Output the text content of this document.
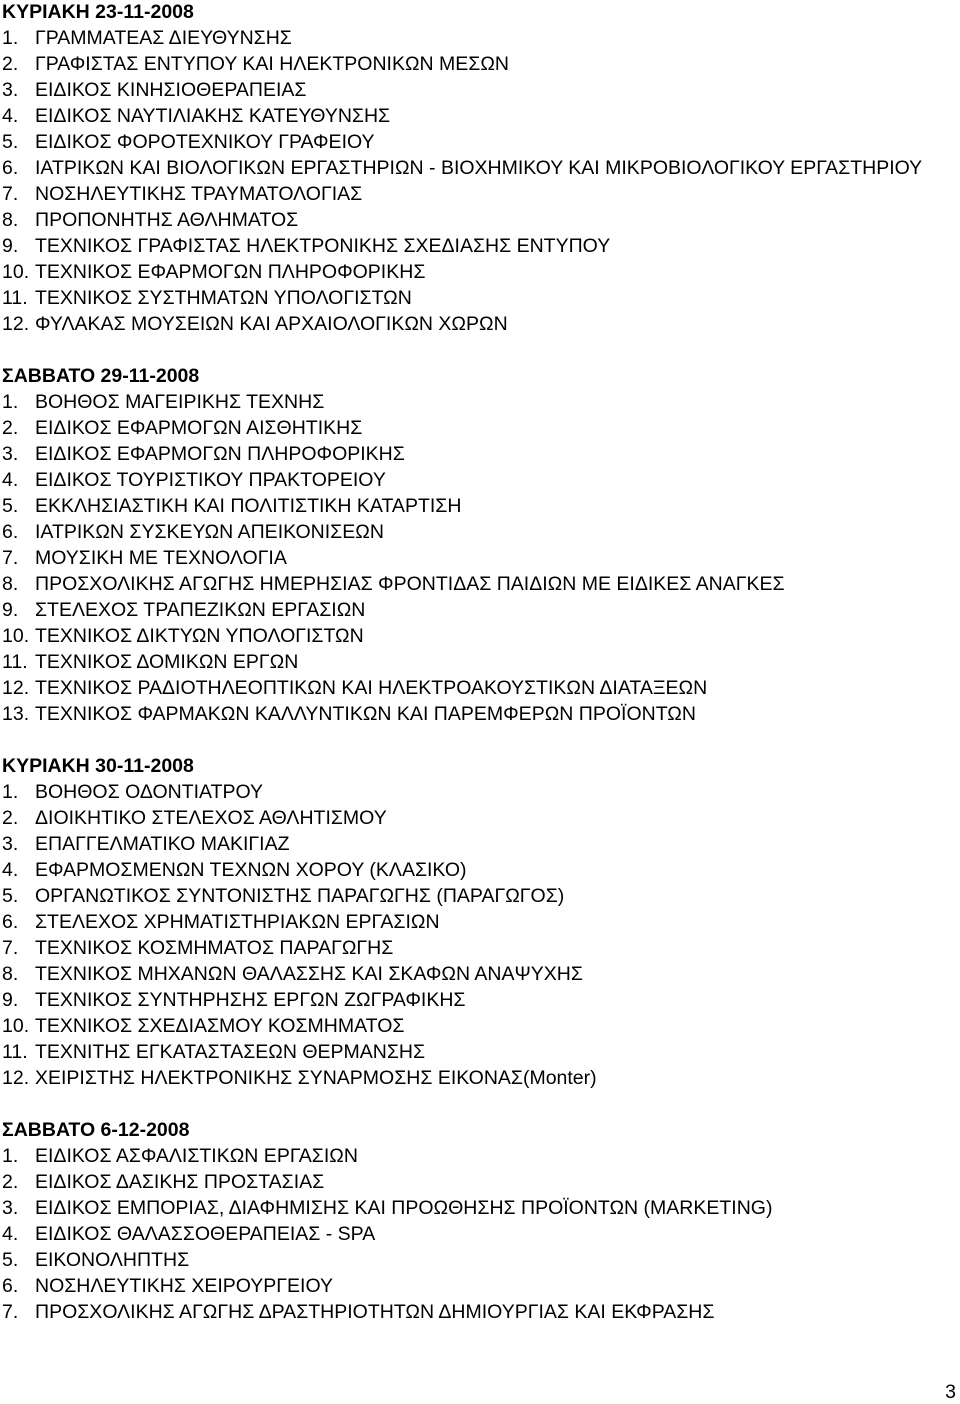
ΚΥΡΙΑΚΗ 23-11-2008
1. ΓΡΑΜΜΑΤΕΑΣ ΔΙΕΥΘΥΝΣΗΣ
2. ΓΡΑΦΙΣΤΑΣ ΕΝΤΥΠΟΥ ΚΑΙ ΗΛΕΚΤΡΟΝΙΚΩΝ ΜΕΣΩΝ
3. ΕΙΔΙΚΟΣ ΚΙΝΗΣΙΟΘΕΡΑΠΕΙΑΣ
4. ΕΙΔΙΚΟΣ ΝΑΥΤΙΛΙΑΚΗΣ ΚΑΤΕΥΘΥΝΣΗΣ
5. ΕΙΔΙΚΟΣ ΦΟΡΟΤΕΧΝΙΚΟΥ ΓΡΑΦΕΙΟΥ
6. ΙΑΤΡΙΚΩΝ ΚΑΙ ΒΙΟΛΟΓΙΚΩΝ ΕΡΓΑΣΤΗΡΙΩΝ - ΒΙΟΧΗΜΙΚΟΥ ΚΑΙ ΜΙΚΡΟΒΙΟΛΟΓΙΚΟΥ ΕΡΓΑΣΤΗΡΙΟΥ
7. ΝΟΣΗΛΕΥΤΙΚΗΣ ΤΡΑΥΜΑΤΟΛΟΓΙΑΣ
8. ΠΡΟΠΟΝΗΤΗΣ ΑΘΛΗΜΑΤΟΣ
9. ΤΕΧΝΙΚΟΣ ΓΡΑΦΙΣΤΑΣ ΗΛΕΚΤΡΟΝΙΚΗΣ ΣΧΕΔΙΑΣΗΣ ΕΝΤΥΠΟΥ
10. ΤΕΧΝΙΚΟΣ ΕΦΑΡΜΟΓΩΝ ΠΛΗΡΟΦΟΡΙΚΗΣ
11. ΤΕΧΝΙΚΟΣ ΣΥΣΤΗΜΑΤΩΝ ΥΠΟΛΟΓΙΣΤΩΝ
12. ΦΥΛΑΚΑΣ ΜΟΥΣΕΙΩΝ ΚΑΙ ΑΡΧΑΙΟΛΟΓΙΚΩΝ ΧΩΡΩΝ
ΣΑΒΒΑΤΟ 29-11-2008
1. ΒΟΗΘΟΣ ΜΑΓΕΙΡΙΚΗΣ ΤΕΧΝΗΣ
2. ΕΙΔΙΚΟΣ ΕΦΑΡΜΟΓΩΝ ΑΙΣΘΗΤΙΚΗΣ
3. ΕΙΔΙΚΟΣ ΕΦΑΡΜΟΓΩΝ ΠΛΗΡΟΦΟΡΙΚΗΣ
4. ΕΙΔΙΚΟΣ ΤΟΥΡΙΣΤΙΚΟΥ ΠΡΑΚΤΟΡΕΙΟΥ
5. ΕΚΚΛΗΣΙΑΣΤΙΚΗ ΚΑΙ ΠΟΛΙΤΙΣΤΙΚΗ ΚΑΤΑΡΤΙΣΗ
6. ΙΑΤΡΙΚΩΝ ΣΥΣΚΕΥΩΝ ΑΠΕΙΚΟΝΙΣΕΩΝ
7. ΜΟΥΣΙΚΗ ΜΕ ΤΕΧΝΟΛΟΓΙΑ
8. ΠΡΟΣΧΟΛΙΚΗΣ ΑΓΩΓΗΣ ΗΜΕΡΗΣΙΑΣ ΦΡΟΝΤΙΔΑΣ ΠΑΙΔΙΩΝ ΜΕ ΕΙΔΙΚΕΣ ΑΝΑΓΚΕΣ
9. ΣΤΕΛΕΧΟΣ ΤΡΑΠΕΖΙΚΩΝ ΕΡΓΑΣΙΩΝ
10. ΤΕΧΝΙΚΟΣ ΔΙΚΤΥΩΝ ΥΠΟΛΟΓΙΣΤΩΝ
11. ΤΕΧΝΙΚΟΣ ΔΟΜΙΚΩΝ ΕΡΓΩΝ
12. ΤΕΧΝΙΚΟΣ ΡΑΔΙΟΤΗΛΕΟΠΤΙΚΩΝ ΚΑΙ ΗΛΕΚΤΡΟΑΚΟΥΣΤΙΚΩΝ ΔΙΑΤΑΞΕΩΝ
13. ΤΕΧΝΙΚΟΣ ΦΑΡΜΑΚΩΝ ΚΑΛΛΥΝΤΙΚΩΝ ΚΑΙ ΠΑΡΕΜΦΕΡΩΝ ΠΡΟΪΟΝΤΩΝ
ΚΥΡΙΑΚΗ 30-11-2008
1. ΒΟΗΘΟΣ ΟΔΟΝΤΙΑΤΡΟΥ
2. ΔΙΟΙΚΗΤΙΚΟ ΣΤΕΛΕΧΟΣ ΑΘΛΗΤΙΣΜΟΥ
3. ΕΠΑΓΓΕΛΜΑΤΙΚΟ ΜΑΚΙΓΙΑΖ
4. ΕΦΑΡΜΟΣΜΕΝΩΝ ΤΕΧΝΩΝ ΧΟΡΟΥ (ΚΛΑΣΙΚΟ)
5. ΟΡΓΑΝΩΤΙΚΟΣ ΣΥΝΤΟΝΙΣΤΗΣ ΠΑΡΑΓΩΓΗΣ (ΠΑΡΑΓΩΓΟΣ)
6. ΣΤΕΛΕΧΟΣ ΧΡΗΜΑΤΙΣΤΗΡΙΑΚΩΝ ΕΡΓΑΣΙΩΝ
7. ΤΕΧΝΙΚΟΣ ΚΟΣΜΗΜΑΤΟΣ ΠΑΡΑΓΩΓΗΣ
8. ΤΕΧΝΙΚΟΣ ΜΗΧΑΝΩΝ ΘΑΛΑΣΣΗΣ ΚΑΙ ΣΚΑΦΩΝ ΑΝΑΨΥΧΗΣ
9. ΤΕΧΝΙΚΟΣ ΣΥΝΤΗΡΗΣΗΣ ΕΡΓΩΝ ΖΩΓΡΑΦΙΚΗΣ
10. ΤΕΧΝΙΚΟΣ ΣΧΕΔΙΑΣΜΟΥ ΚΟΣΜΗΜΑΤΟΣ
11. ΤΕΧΝΙΤΗΣ ΕΓΚΑΤΑΣΤΑΣΕΩΝ ΘΕΡΜΑΝΣΗΣ
12. ΧΕΙΡΙΣΤΗΣ ΗΛΕΚΤΡΟΝΙΚΗΣ ΣΥΝΑΡΜΟΣΗΣ ΕΙΚΟΝΑΣ(Monter)
ΣΑΒΒΑΤΟ 6-12-2008
1. ΕΙΔΙΚΟΣ ΑΣΦΑΛΙΣΤΙΚΩΝ ΕΡΓΑΣΙΩΝ
2. ΕΙΔΙΚΟΣ ΔΑΣΙΚΗΣ ΠΡΟΣΤΑΣΙΑΣ
3. ΕΙΔΙΚΟΣ ΕΜΠΟΡΙΑΣ, ΔΙΑΦΗΜΙΣΗΣ ΚΑΙ ΠΡΟΩΘΗΣΗΣ ΠΡΟΪΟΝΤΩΝ (MARKETING)
4. ΕΙΔΙΚΟΣ ΘΑΛΑΣΣΟΘΕΡΑΠΕΙΑΣ - SPA
5. ΕΙΚΟΝΟΛΗΠΤΗΣ
6. ΝΟΣΗΛΕΥΤΙΚΗΣ ΧΕΙΡΟΥΡΓΕΙΟΥ
7. ΠΡΟΣΧΟΛΙΚΗΣ ΑΓΩΓΗΣ ΔΡΑΣΤΗΡΙΟΤΗΤΩΝ ΔΗΜΙΟΥΡΓΙΑΣ ΚΑΙ ΕΚΦΡΑΣΗΣ
3
